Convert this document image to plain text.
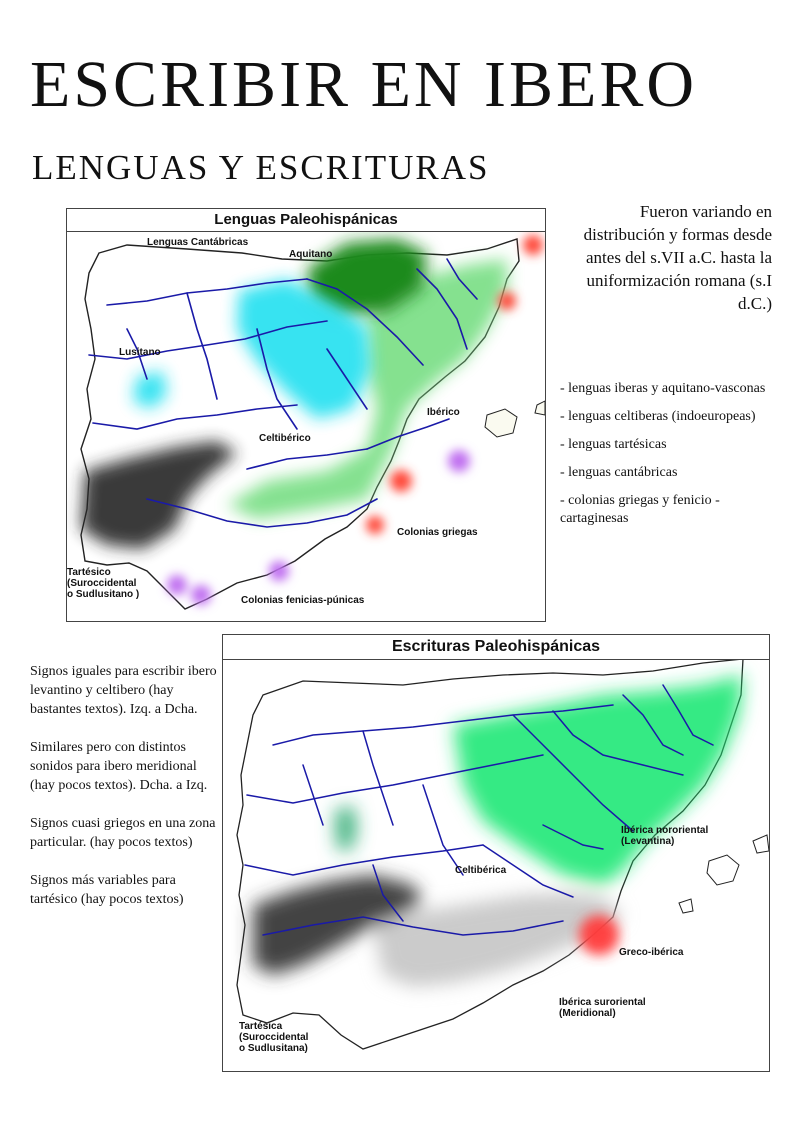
ESCRIBIR EN IBERO
LENGUAS Y ESCRITURAS
Lenguas Paleohispánicas
Lenguas Cantábricas
Aquitano
Lusitano
Ibérico
Celtibérico
Colonias griegas
Tartésico
(Suroccidental
o Sudlusitano )
Colonias fenicias-púnicas
Fueron variando en distribución y formas desde antes del s.VII a.C. hasta la uniformización romana (s.I d.C.)
- lenguas iberas y aquitano-vasconas
- lenguas celtiberas (indoeuropeas)
- lenguas tartésicas
- lenguas cantábricas
- colonias griegas y fenicio - cartaginesas
Escrituras Paleohispánicas
Ibérica nororiental
(Levantina)
Celtibérica
Greco-ibérica
Ibérica suroriental
(Meridional)
Tartésica
(Suroccidental
o Sudlusitana)

Signos iguales para escribir ibero levantino y celtibero (hay bastantes textos). Izq. a Dcha.

Similares pero con distintos sonidos para ibero meridional (hay pocos textos). Dcha. a Izq.

Signos cuasi griegos en una zona particular. (hay pocos textos)

Signos más variables para tartésico (hay pocos textos)
